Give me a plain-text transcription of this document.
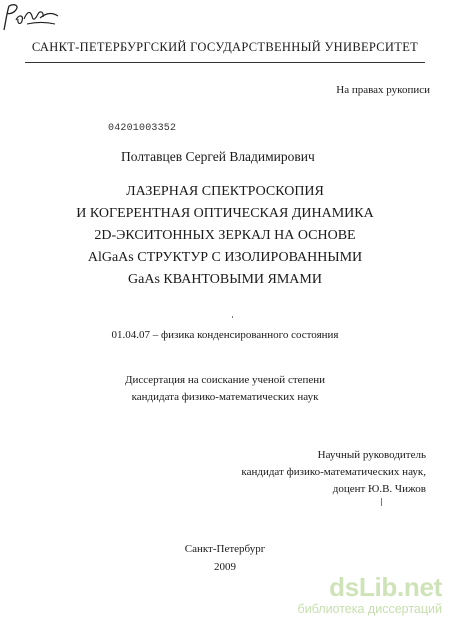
САНКТ-ПЕТЕРБУРГСКИЙ ГОСУДАРСТВЕННЫЙ УНИВЕРСИТЕТ
На правах рукописи
04201003352
Полтавцев Сергей Владимирович
ЛАЗЕРНАЯ СПЕКТРОСКОПИЯ
И КОГЕРЕНТНАЯ ОПТИЧЕСКАЯ ДИНАМИКА
2D-ЭКСИТОННЫХ ЗЕРКАЛ НА ОСНОВЕ
AlGaAs СТРУКТУР С ИЗОЛИРОВАННЫМИ
GaAs КВАНТОВЫМИ ЯМАМИ
01.04.07 – физика конденсированного состояния
Диссертация на соискание ученой степени
кандидата физико-математических наук
Научный руководитель
кандидат физико-математических наук,
доцент Ю.В. Чижов
Санкт-Петербург
2009
dsLib.net
библиотека диссертаций
